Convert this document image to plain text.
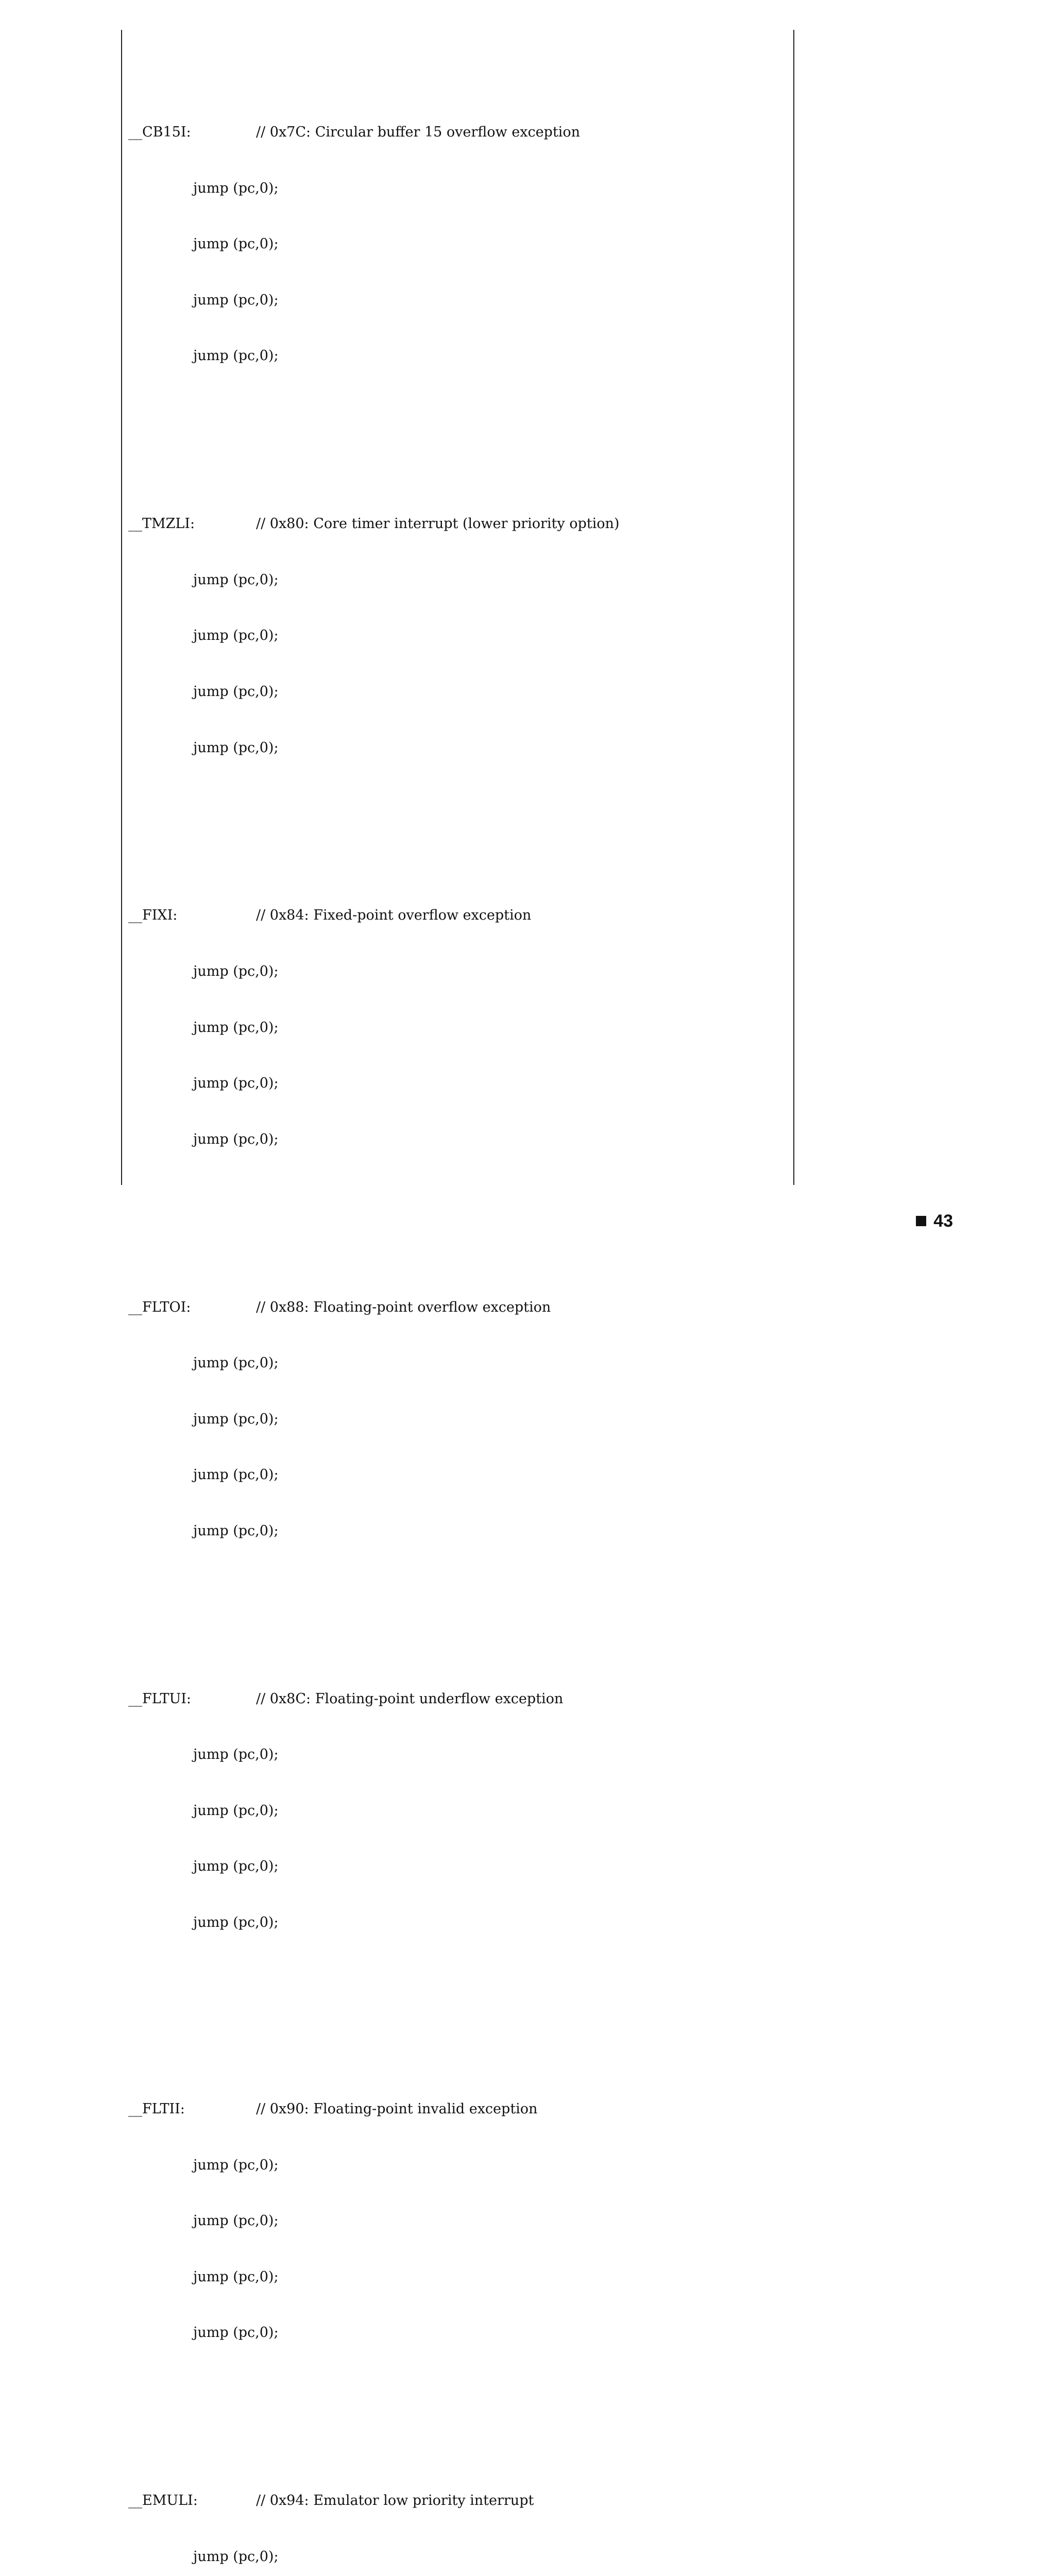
__CB15I:	// 0x7C: Circular buffer 15 overflow exception

jump (pc,0);

jump (pc,0);

jump (pc,0);

jump (pc,0);

__TMZLI:	// 0x80: Core timer interrupt (lower priority option)

jump (pc,0);

jump (pc,0);

jump (pc,0);

jump (pc,0);

__FIXI:	// 0x84: Fixed-point overflow exception

jump (pc,0);

jump (pc,0);

jump (pc,0);

jump (pc,0);

__FLTOI:	// 0x88: Floating-point overflow exception

jump (pc,0);

jump (pc,0);

jump (pc,0);

jump (pc,0);

__FLTUI:	// 0x8C: Floating-point underflow exception

jump (pc,0);

jump (pc,0);

jump (pc,0);

jump (pc,0);

__FLTII:	// 0x90: Floating-point invalid exception

jump (pc,0);

jump (pc,0);

jump (pc,0);

jump (pc,0);

__EMULI:	// 0x94: Emulator low priority interrupt

jump (pc,0);

43
